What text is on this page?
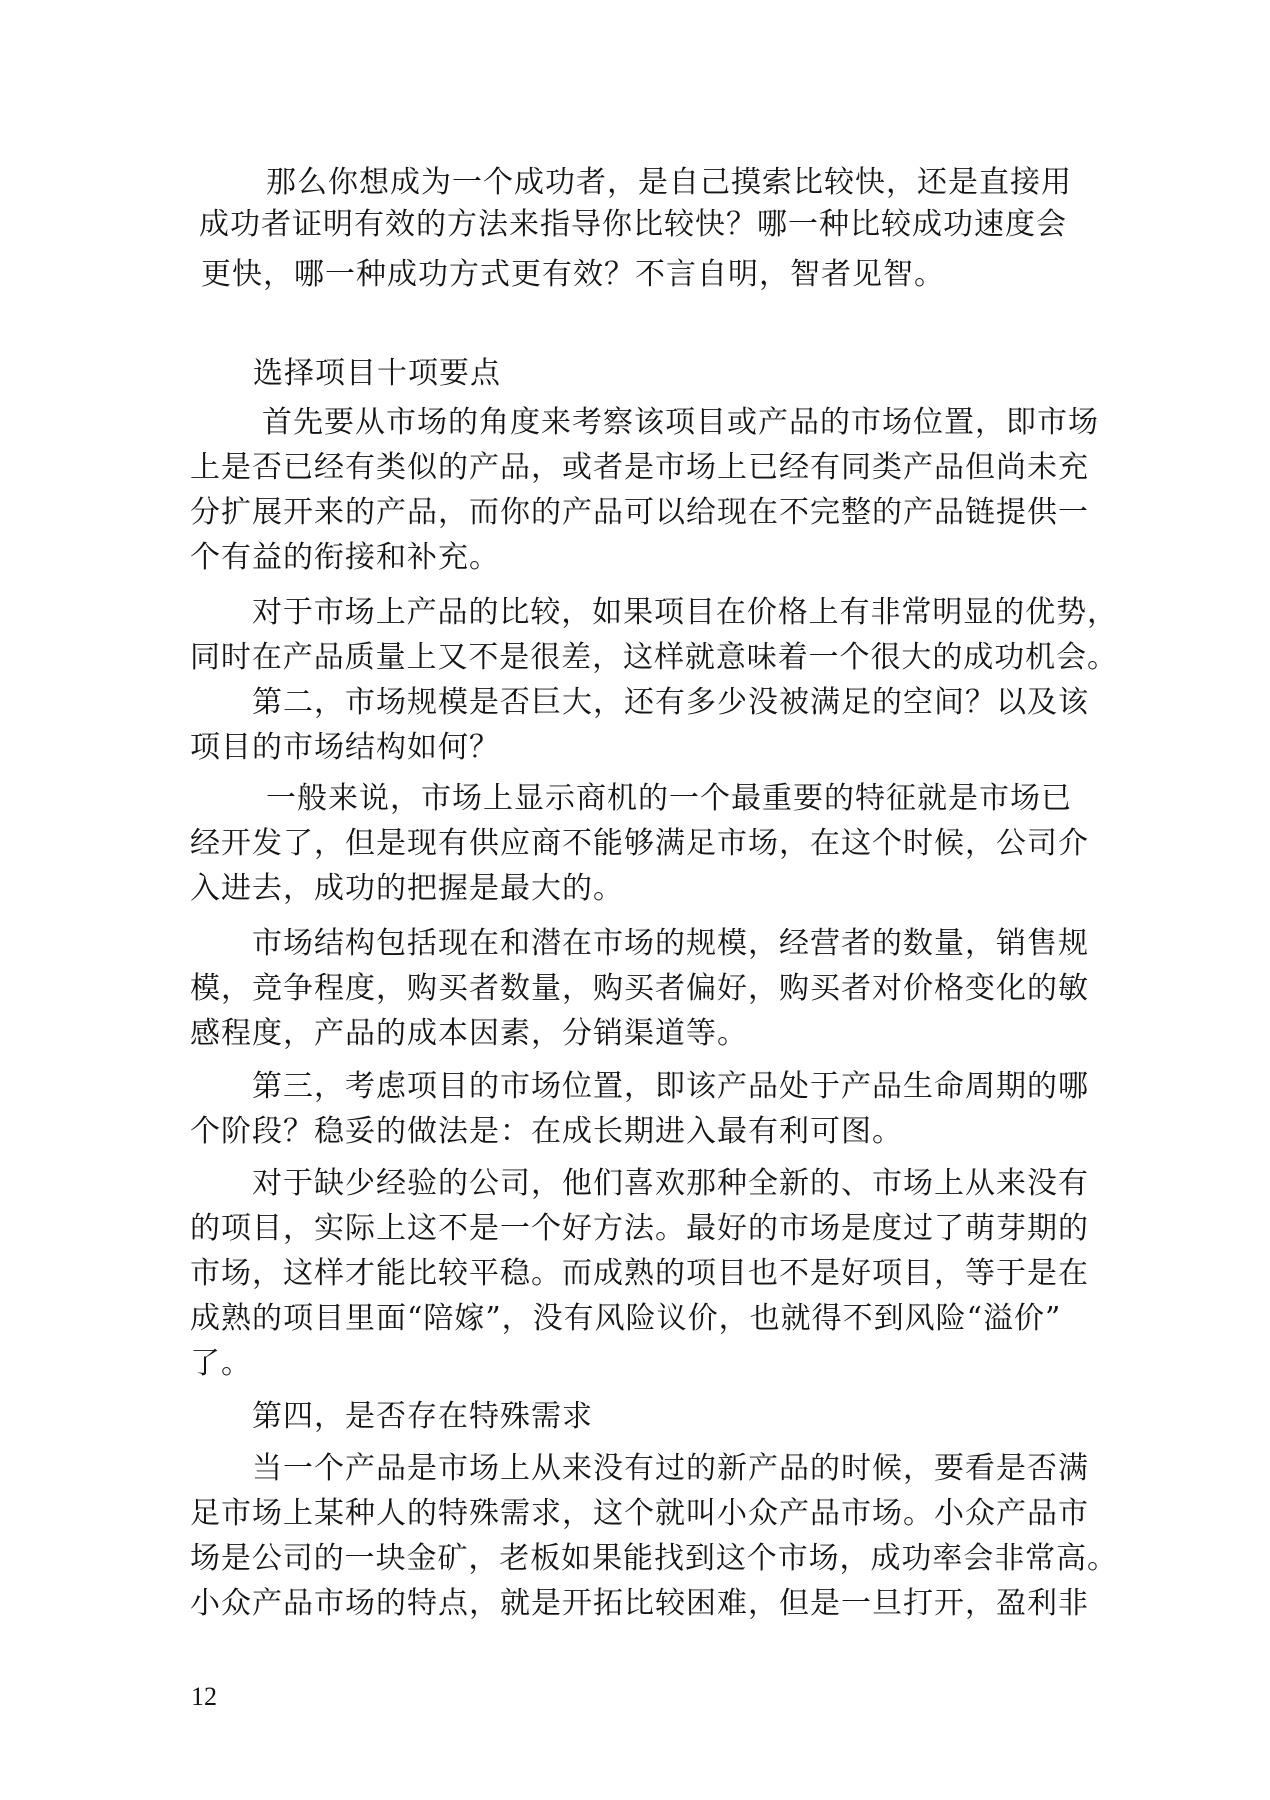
那么你想成为一个成功者，是自己摸索比较快，还是直接用
成功者证明有效的方法来指导你比较快？哪一种比较成功速度会
更快，哪一种成功方式更有效？不言自明，智者见智。
选择项目十项要点
首先要从市场的角度来考察该项目或产品的市场位置，即市场
上是否已经有类似的产品，或者是市场上已经有同类产品但尚未充
分扩展开来的产品，而你的产品可以给现在不完整的产品链提供一
个有益的衔接和补充。
对于市场上产品的比较，如果项目在价格上有非常明显的优势，
同时在产品质量上又不是很差，这样就意味着一个很大的成功机会。
第二，市场规模是否巨大，还有多少没被满足的空间？以及该
项目的市场结构如何？
一般来说，市场上显示商机的一个最重要的特征就是市场已
经开发了，但是现有供应商不能够满足市场，在这个时候，公司介
入进去，成功的把握是最大的。
市场结构包括现在和潜在市场的规模，经营者的数量，销售规
模，竞争程度，购买者数量，购买者偏好，购买者对价格变化的敏
感程度，产品的成本因素，分销渠道等。
第三，考虑项目的市场位置，即该产品处于产品生命周期的哪
个阶段？稳妥的做法是：在成长期进入最有利可图。
对于缺少经验的公司，他们喜欢那种全新的、市场上从来没有
的项目，实际上这不是一个好方法。最好的市场是度过了萌芽期的
市场，这样才能比较平稳。而成熟的项目也不是好项目，等于是在
成熟的项目里面“陪嫁”，没有风险议价，也就得不到风险“溢价”
了。
第四，是否存在特殊需求
当一个产品是市场上从来没有过的新产品的时候，要看是否满
足市场上某种人的特殊需求，这个就叫小众产品市场。小众产品市
场是公司的一块金矿，老板如果能找到这个市场，成功率会非常高。
小众产品市场的特点，就是开拓比较困难，但是一旦打开，盈利非
12
